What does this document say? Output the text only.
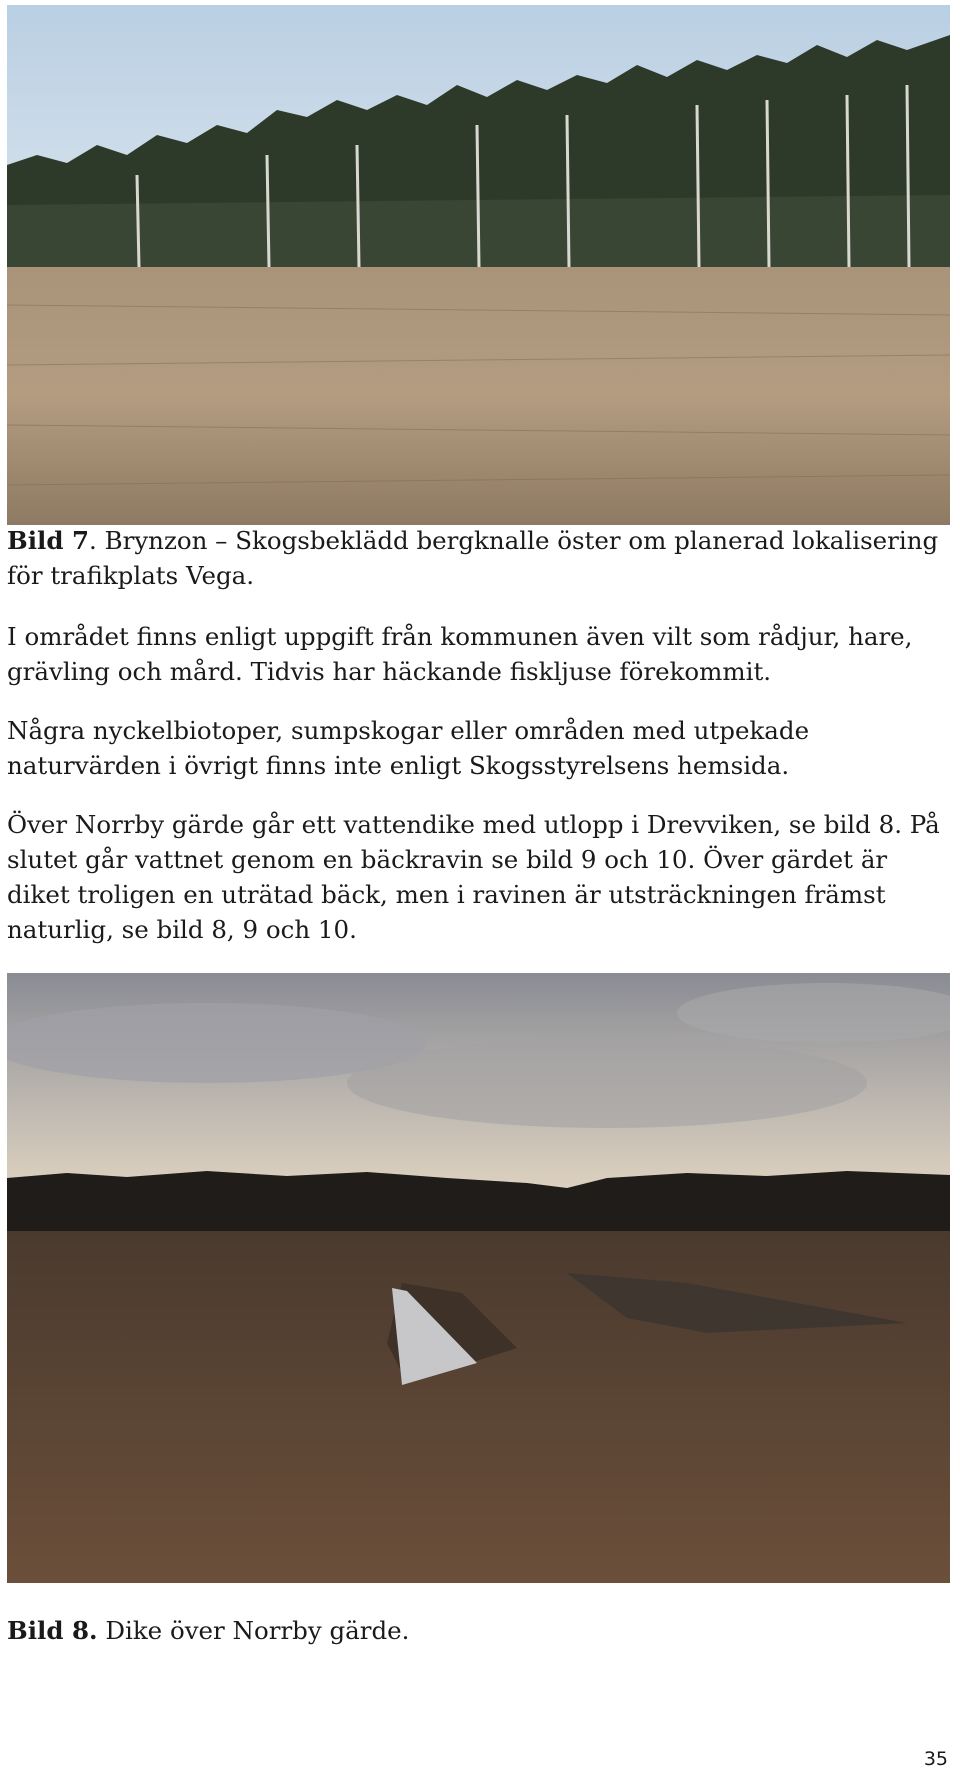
Bild 7. Brynzon – Skogsbeklädd bergknalle öster om planerad lokalisering för trafikplats Vega.

I området finns enligt uppgift från kommunen även vilt som rådjur, hare, grävling och mård. Tidvis har häckande fiskljuse förekommit.

Några nyckelbiotoper, sumpskogar eller områden med utpekade naturvärden i övrigt finns inte enligt Skogsstyrelsens hemsida.

Över Norrby gärde går ett vattendike med utlopp i Drevviken, se bild 8. På slutet går vattnet genom en bäckravin se bild 9 och 10. Över gärdet är diket troligen en uträtad bäck, men i ravinen är utsträckningen främst naturlig, se bild 8, 9 och 10.

Bild 8. Dike över Norrby gärde.
35
